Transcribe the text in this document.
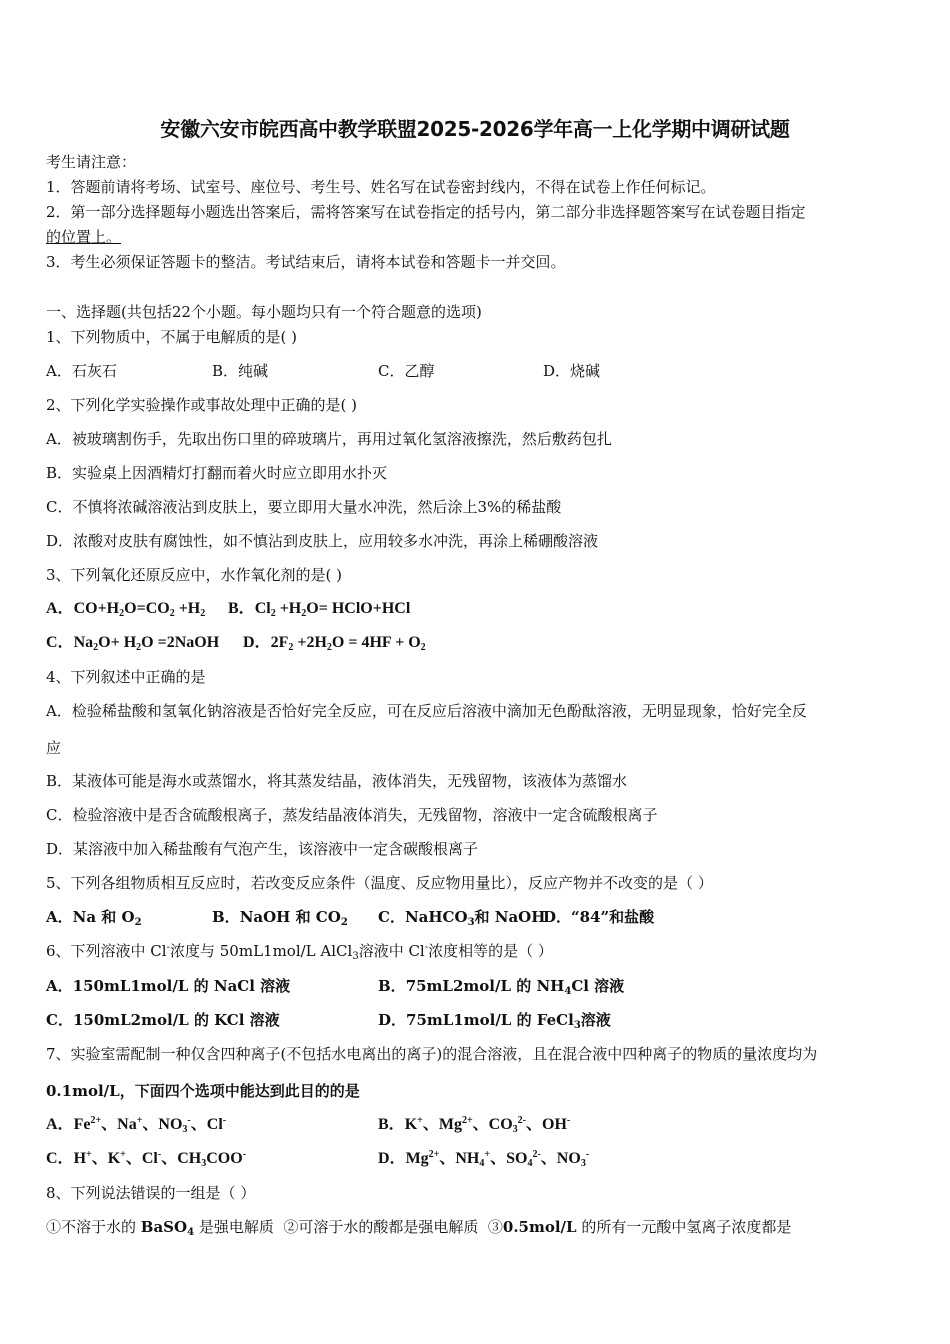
安徽六安市皖西高中教学联盟2025-2026学年高一上化学期中调研试题
考生请注意：
1．答题前请将考场、试室号、座位号、考生号、姓名写在试卷密封线内，不得在试卷上作任何标记。
2．第一部分选择题每小题选出答案后，需将答案写在试卷指定的括号内，第二部分非选择题答案写在试卷题目指定
的位置上。
3．考生必须保证答题卡的整洁。考试结束后，请将本试卷和答题卡一并交回。
一、选择题(共包括22个小题。每小题均只有一个符合题意的选项)
1、下列物质中，不属于电解质的是( )
A．石灰石	B．纯碱	C．乙醇	D．烧碱
2、下列化学实验操作或事故处理中正确的是( )
A．被玻璃割伤手，先取出伤口里的碎玻璃片，再用过氧化氢溶液擦洗，然后敷药包扎
B．实验桌上因酒精灯打翻而着火时应立即用水扑灭
C．不慎将浓碱溶液沾到皮肤上，要立即用大量水冲洗，然后涂上3%的稀盐酸
D．浓酸对皮肤有腐蚀性，如不慎沾到皮肤上，应用较多水冲洗，再涂上稀硼酸溶液
3、下列氧化还原反应中，水作氧化剂的是( )
A．$CO+H_2O=CO_2 +H_2$ B．$Cl_2 +H_2O=$ HClO+HCl
C．$Na_2O+ H_2O$ =2NaOH D．$2F_2 +2H_2O = 4HF + O_2$
4、下列叙述中正确的是
A．检验稀盐酸和氢氧化钠溶液是否恰好完全反应，可在反应后溶液中滴加无色酚酞溶液，无明显现象，恰好完全反
应
B．某液体可能是海水或蒸馏水，将其蒸发结晶，液体消失，无残留物，该液体为蒸馏水
C．检验溶液中是否含硫酸根离子，蒸发结晶液体消失，无残留物，溶液中一定含硫酸根离子
D．某溶液中加入稀盐酸有气泡产生，该溶液中一定含碳酸根离子
5、下列各组物质相互反应时，若改变反应条件（温度、反应物用量比），反应产物并不改变的是（ ）
A．Na 和 $O_2$	B．NaOH 和 $CO_2$ C．NaHCO$_3$和 NaOH
D．“84”和盐酸
6、下列溶液中 Cl-浓度与 50mL1mol/L AlCl$_3$溶液中 Cl-浓度相等的是（ ）
A．150mL1mol/L 的 NaCl 溶液	B．75mL2mol/L 的 $NH_4Cl$ 溶液
C．150mL2mol/L 的 KCl 溶液	D．75mL1mol/L 的 FeCl$_3$溶液
7、实验室需配制一种仅含四种离子(不包括水电离出的离子)的混合溶液，且在混合液中四种离子的物质的量浓度均为
0.1mol/L，下面四个选项中能达到此目的的是
A．$Fe^{2+}$、Na+、$NO_3^-$、Cl-	B．K+、$Mg^{2+}$、$CO_3^{2-}$、OH-
C．H+、K+、Cl-、$CH_3COO^-$	D．$Mg^{2+}$、$NH_4^+$、$SO_4^{2-}$、$NO_3^-$
8、下列说法错误的一组是（ ）
①不溶于水的 BaSO$_4$ 是强电解质  ②可溶于水的酸都是强电解质  ③0.5mol/L 的所有一元酸中氢离子浓度都是
